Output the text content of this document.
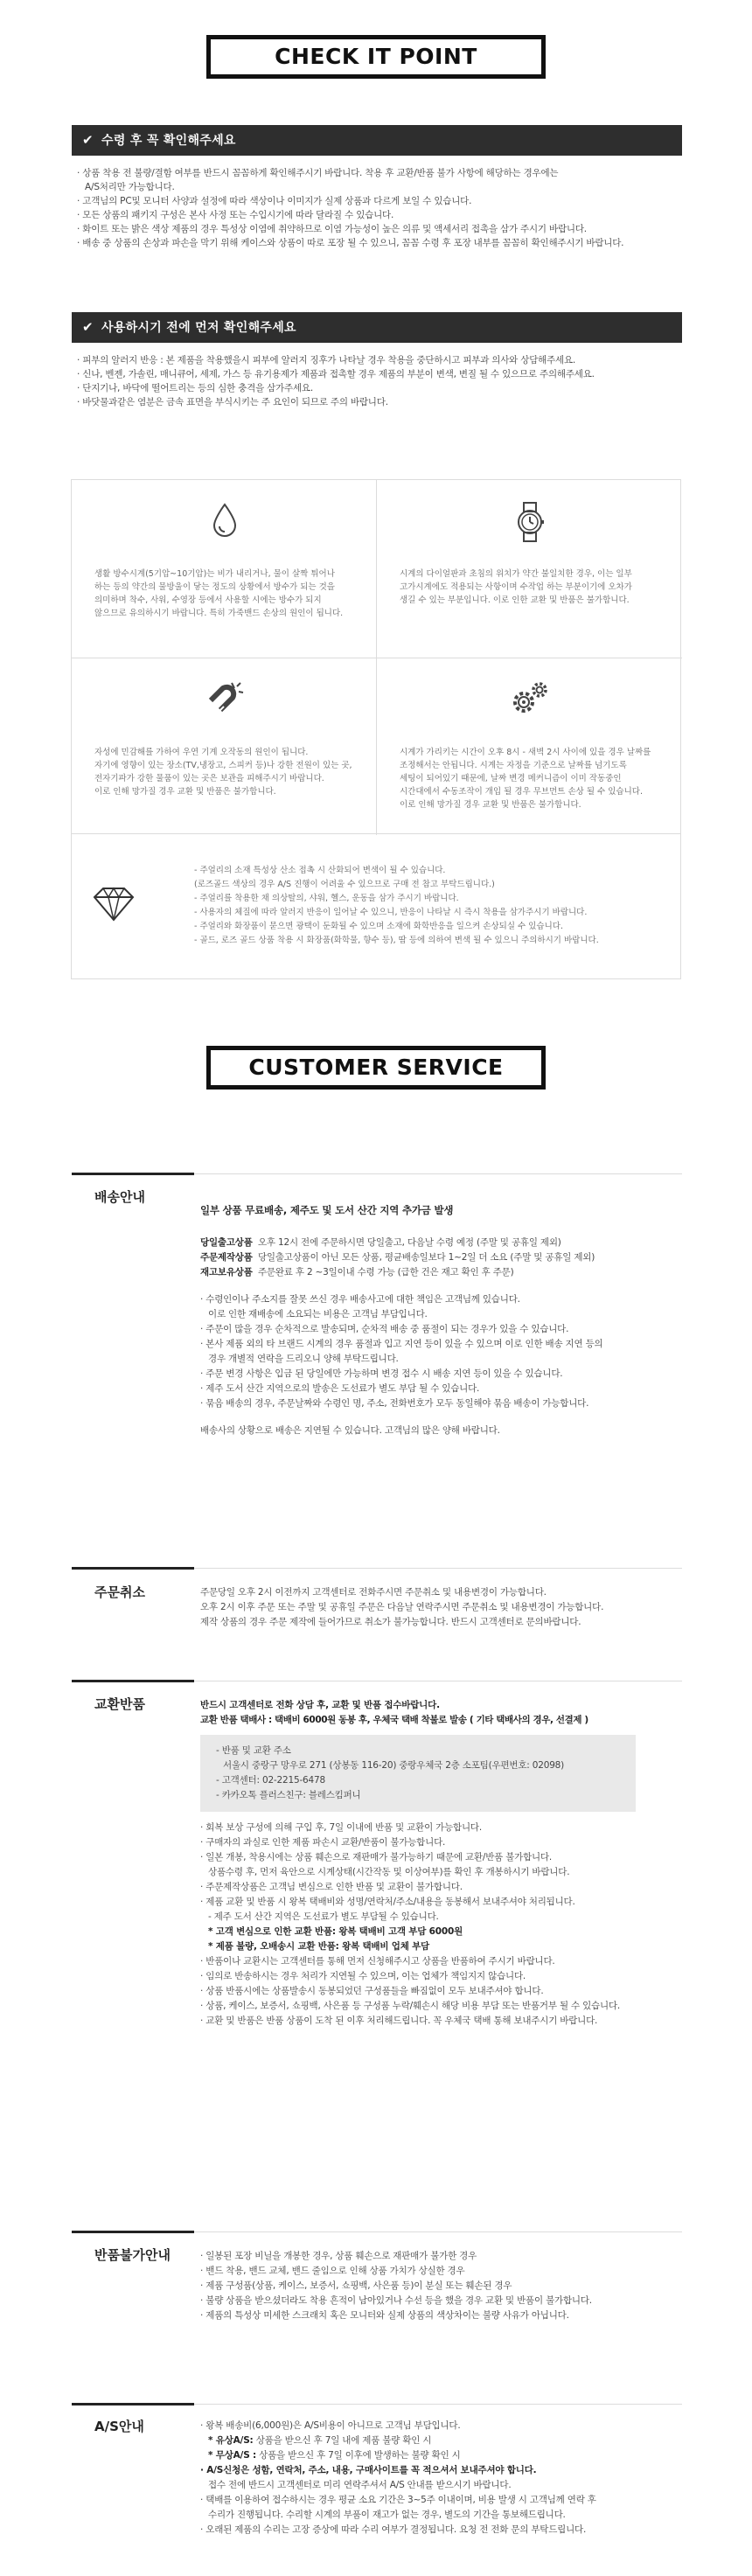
CHECK IT POINT
✔ 수령 후 꼭 확인해주세요

· 상품 착용 전 불량/결함 여부를 반드시 꼼꼼하게 확인해주시기 바랍니다. 착용 후 교환/반품 불가 사항에 해당하는 경우에는

A/S처리만 가능합니다.

· 고객님의 PC및 모니터 사양과 설정에 따라 색상이나 이미지가 실제 상품과 다르게 보일 수 있습니다.

· 모든 상품의 패키지 구성은 본사 사정 또는 수입시기에 따라 달라질 수 있습니다.

· 화이트 또는 밝은 색상 제품의 경우 특성상 이염에 취약하므로 이염 가능성이 높은 의류 및 액세서리 접촉을 삼가 주시기 바랍니다.

· 배송 중 상품의 손상과 파손을 막기 위해 케이스와 상품이 따로 포장 될 수 있으니, 꼼꼼 수령 후 포장 내부를 꼼꼼히 확인해주시기 바랍니다.

✔ 사용하시기 전에 먼저 확인해주세요

· 피부의 알러지 반응 : 본 제품을 착용했을시 피부에 알러지 징후가 나타날 경우 착용을 중단하시고 피부과 의사와 상담해주세요.

· 신나, 벤젠, 가솔린, 매니큐어, 세제, 가스 등 유기용제가 제품과 접촉할 경우 제품의 부분이 변색, 변질 될 수 있으므로 주의해주세요.

· 단지기나, 바닥에 떨어트리는 등의 심한 충격을 삼가주세요.

· 바닷물과같은 염분은 금속 표면을 부식시키는 주 요인이 되므로 주의 바랍니다.

생활 방수시계(5기압~10기압)는 비가 내리거나, 물이 살짝 튀어나

하는 등의 약간의 물방울이 닿는 정도의 상황에서 방수가 되는 것을

의미하며 착수, 사워, 수영장 등에서 사용할 시에는 방수가 되지

않으므로 유의하시기 바랍니다. 특히 가죽밴드 손상의 원인이 됩니다.

시계의 다이얼판과 초침의 위치가 약간 불일치한 경우, 이는 일부

고가시계에도 적용되는 사항이며 수작업 하는 부분이기에 오차가

생길 수 있는 부분입니다. 이로 인한 교환 및 반품은 불가합니다.

자성에 민감해를 가하여 우연 기계 오작동의 원인이 됩니다.

자기에 영향이 있는 장소(TV,냉장고, 스피커 등)나 강한 전원이 있는 곳,

전자기파가 강한 물품이 있는 곳은 보관을 피해주시기 바랍니다.

이로 인해 망가질 경우 교환 및 반품은 불가합니다.

시계가 가리키는 시간이 오후 8시 - 새벽 2시 사이에 있을 경우 날짜를

조정해서는 안됩니다. 시계는 자정을 기준으로 날짜를 넘기도록

세팅이 되어있기 때문에, 날짜 변경 메커니즘이 이미 작동중인

시간대에서 수동조작이 개입 될 경우 무브먼트 손상 될 수 있습니다.

이로 인해 망가질 경우 교환 및 반품은 불가합니다.

- 주얼리의 소재 특성상 산소 접촉 시 산화되어 변색이 될 수 있습니다.

(로즈골드 색상의 경우 A/S 진행이 어려울 수 있으므로 구매 전 참고 부탁드립니다.)

- 주얼리를 착용한 채 의상탈의, 샤워, 헬스, 운동을 삼가 주시기 바랍니다.

- 사용자의 체질에 따라 알러지 반응이 일어날 수 있으니, 반응이 나타날 시 즉시 착용을 삼가주시기 바랍니다.

- 주얼리와 화장품이 묻으면 광택이 둔화될 수 있으며 소재에 화학반응을 일으켜 손상되실 수 있습니다.

- 골드, 로즈 골드 상품 착용 시 화장품(화학물, 향수 등), 땀 등에 의하여 변색 될 수 있으니 주의하시기 바랍니다.

CUSTOMER SERVICE
배송안내

일부 상품 무료배송, 제주도 및 도서 산간 지역 추가금 발생

당일출고상품 오후 12시 전에 주문하시면 당일출고, 다음날 수령 예정 (주말 및 공휴일 제외)

주문제작상품 당일출고상품이 아닌 모든 상품, 평균배송일보다 1~2일 더 소요 (주말 및 공휴일 제외)

재고보유상품 주문완료 후 2 ~3일이내 수령 가능 (급한 건은 재고 확인 후 주문)

· 수령인이나 주소지를 잘못 쓰신 경우 배송사고에 대한 책임은 고객님께 있습니다.

이로 인한 재배송에 소요되는 비용은 고객님 부담입니다.

· 주문이 많을 경우 순차적으로 발송되며, 순차적 배송 중 품절이 되는 경우가 있을 수 있습니다.

· 본사 제품 외의 타 브랜드 시계의 경우 품절과 입고 지연 등이 있을 수 있으며 이로 인한 배송 지연 등의

경우 개별적 연락을 드리오니 양해 부탁드립니다.

· 주문 변경 사항은 입금 된 당일에만 가능하며 변경 접수 시 배송 지연 등이 있을 수 있습니다.

· 제주 도서 산간 지역으로의 발송은 도선료가 별도 부담 될 수 있습니다.

· 묶음 배송의 경우, 주문날짜와 수령인 명, 주소, 전화번호가 모두 동일해야 묶음 배송이 가능합니다.

배송사의 상황으로 배송은 지연될 수 있습니다. 고객님의 많은 양해 바랍니다.

주문취소	주문당일 오후 2시 이전까지 고객센터로 전화주시면 주문취소 및 내용변경이 가능합니다.

오후 2시 이후 주문 또는 주말 및 공휴일 주문은 다음날 연락주시면 주문취소 및 내용변경이 가능합니다.

제작 상품의 경우 주문 제작에 들어가므로 취소가 불가능합니다. 반드시 고객센터로 문의바랍니다.

교환반품	반드시 고객센터로 전화 상담 후, 교환 및 반품 접수바랍니다.

교환 반품 택배사 : 택배비 6000원 동봉 후, 우체국 택배 착불로 발송 ( 기타 택배사의 경우, 선결제 )

- 반품 및 교환 주소

서울시 중랑구 망우로 271 (상봉동 116-20) 중랑우체국 2층 소포팀(우편번호: 02098)

- 고객센터: 02-2215-6478

- 카카오톡 플러스친구: 블레스킴퍼니

· 회복 보상 구성에 의해 구입 후, 7일 이내에 반품 및 교환이 가능합니다.

· 구매자의 과실로 인한 제품 파손시 교환/반품이 불가능합니다.

· 일본 개봉, 착용시에는 상품 훼손으로 재판매가 불가능하기 때문에 교환/반품 불가합니다.

상품수령 후, 먼저 육안으로 시계상태(시간작동 및 이상여부)를 확인 후 개봉하시기 바랍니다.

· 주문제작상품은 고객님 변심으로 인한 반품 및 교환이 불가합니다.

· 제품 교환 및 반품 시 왕복 택배비와 성명/연락처/주소/내용을 동봉해서 보내주셔야 처리됩니다.

- 제주 도서 산간 지역은 도선료가 별도 부담될 수 있습니다.

* 고객 변심으로 인한 교환 반품: 왕복 택배비 고객 부담 6000원

* 제품 불량, 오배송시 교환 반품: 왕복 택배비 업체 부담

· 반품이나 교환시는 고객센터를 통해 먼저 신청해주시고 상품을 반품하여 주시기 바랍니다.

· 임의로 반송하시는 경우 처리가 지연될 수 있으며, 이는 업체가 책임지지 않습니다.

· 상품 반품시에는 상품발송시 동봉되었던 구성품들을 빠짐없이 모두 보내주셔야 합니다.

· 상품, 케이스, 보증서, 쇼핑백, 사은품 등 구성품 누락/훼손시 해당 비용 부담 또는 반품거부 될 수 있습니다.

· 교환 및 반품은 반품 상품이 도착 된 이후 처리해드립니다. 꼭 우체국 택배 통해 보내주시기 바랍니다.

반품불가안내	· 일봉된 포장 비닐을 개봉한 경우, 상품 훼손으로 재판매가 불가한 경우

· 밴드 착용, 밴드 교체, 밴드 줄임으로 인해 상품 가치가 상실한 경우

· 제품 구성품(상품, 케이스, 보증서, 쇼핑백, 사은품 등)이 분실 또는 훼손된 경우

· 불량 상품을 받으셨더라도 착용 흔적이 남아있거나 수선 등을 했을 경우 교환 및 반품이 불가합니다.

· 제품의 특성상 미세한 스크래치 혹은 모니터와 실제 상품의 색상차이는 불량 사유가 아닙니다.

A/S안내	· 왕복 배송비(6,000원)은 A/S비용이 아니므로 고객님 부담입니다.

* 유상A/S: 상품을 받으신 후 7일 내에 제품 불량 확인 시

* 무상A/S : 상품을 받으신 후 7일 이후에 발생하는 불량 확인 시

· A/S신청은 성함, 연락처, 주소, 내용, 구매사이트를 꼭 적으셔서 보내주셔야 합니다.

접수 전에 반드시 고객센터로 미리 연락주셔서 A/S 안내를 받으시기 바랍니다.

· 택배를 이용하여 접수하시는 경우 평균 소요 기간은 3~5주 이내이며, 비용 발생 시 고객님께 연락 후

수리가 진행됩니다. 수리할 시계의 부품이 재고가 없는 경우, 별도의 기간을 통보해드립니다.

· 오래된 제품의 수리는 고장 증상에 따라 수리 여부가 결정됩니다. 요청 전 전화 문의 부탁드립니다.
